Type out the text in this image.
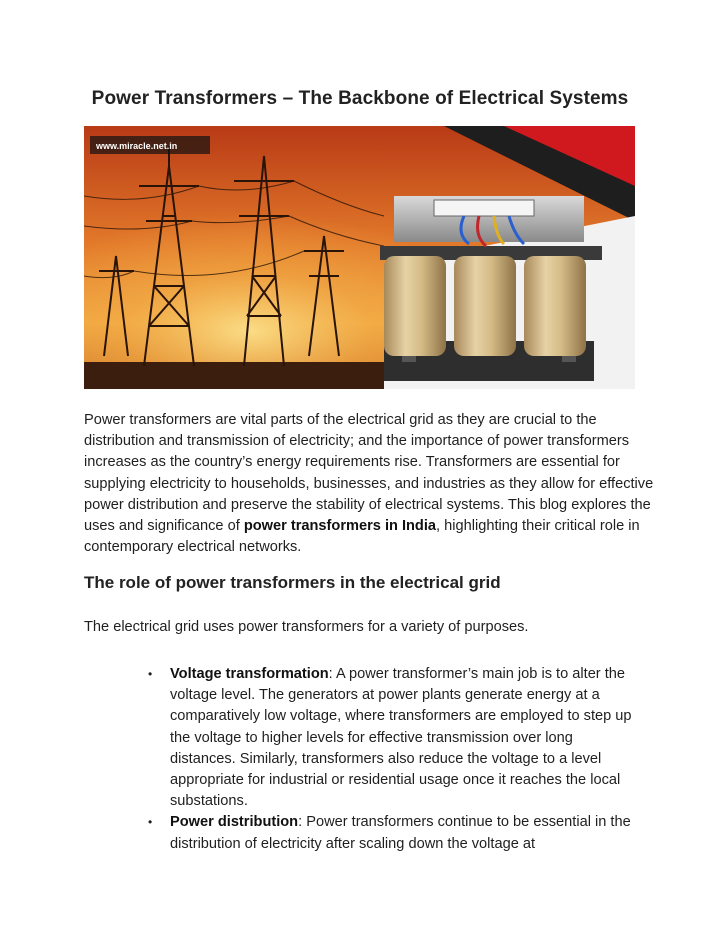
Power Transformers – The Backbone of Electrical Systems
www.miracle.net.in

Power transformers are vital parts of the electrical grid as they are crucial to the distribution and transmission of electricity; and the importance of power transformers increases as the country’s energy requirements rise. Transformers are essential for supplying electricity to households, businesses, and industries as they allow for effective power distribution and preserve the stability of electrical systems. This blog explores the uses and significance of power transformers in India, highlighting their critical role in contemporary electrical networks.

The role of power transformers in the electrical grid

The electrical grid uses power transformers for a variety of purposes.

• Voltage transformation: A power transformer’s main job is to alter the voltage level. The generators at power plants generate energy at a comparatively low voltage, where transformers are employed to step up the voltage to higher levels for effective transmission over long distances. Similarly, transformers also reduce the voltage to a level appropriate for industrial or residential usage once it reaches the local substations.
• Power distribution: Power transformers continue to be essential in the distribution of electricity after scaling down the voltage at
